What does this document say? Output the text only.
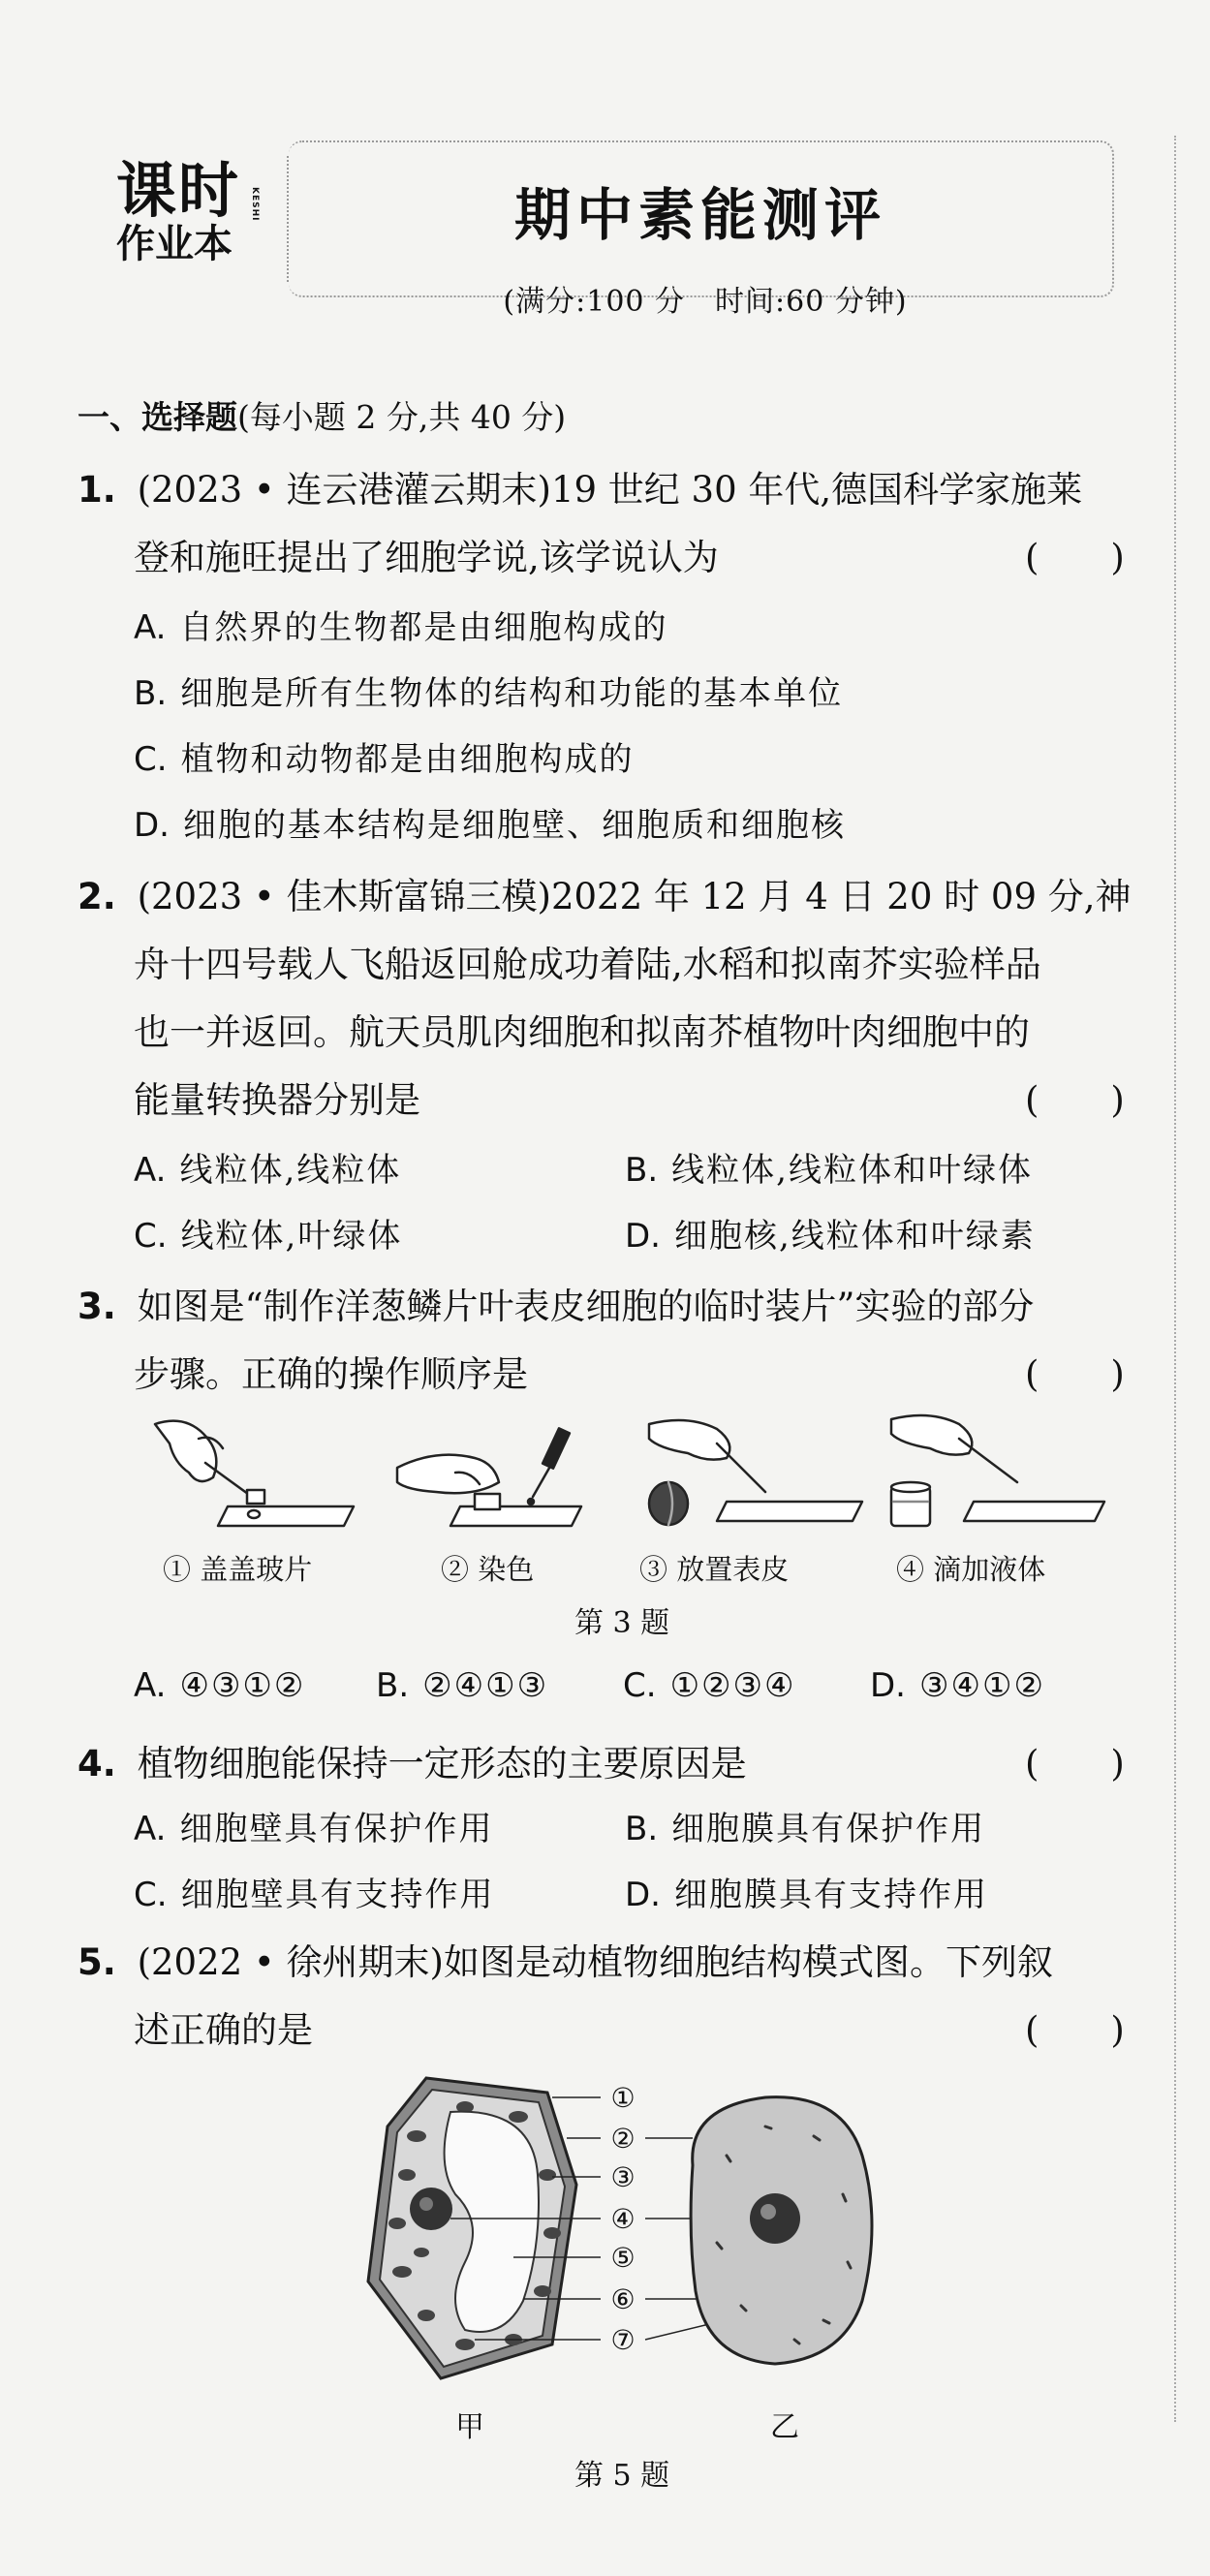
课时
作业本
KESHI	期中素能测评
(满分:100 分　时间:60 分钟)
一、选择题(每小题 2 分,共 40 分)
1. (2023 • 连云港灌云期末)19 世纪 30 年代,德国科学家施莱
登和施旺提出了细胞学说,该学说认为	(　　)
A. 自然界的生物都是由细胞构成的
B. 细胞是所有生物体的结构和功能的基本单位
C. 植物和动物都是由细胞构成的
D. 细胞的基本结构是细胞壁、细胞质和细胞核
2. (2023 • 佳木斯富锦三模)2022 年 12 月 4 日 20 时 09 分,神
舟十四号载人飞船返回舱成功着陆,水稻和拟南芥实验样品
也一并返回。航天员肌肉细胞和拟南芥植物叶肉细胞中的
能量转换器分别是	(　　)
A. 线粒体,线粒体	B. 线粒体,线粒体和叶绿体
C. 线粒体,叶绿体	D. 细胞核,线粒体和叶绿素
3. 如图是“制作洋葱鳞片叶表皮细胞的临时装片”实验的部分
步骤。正确的操作顺序是	(　　)
① 盖盖玻片	② 染色	③ 放置表皮	④ 滴加液体
第 3 题
A. ④③①② B. ②④①③ C. ①②③④ D. ③④①②
4. 植物细胞能保持一定形态的主要原因是	(　　)
A. 细胞壁具有保护作用	B. 细胞膜具有保护作用
C. 细胞壁具有支持作用	D. 细胞膜具有支持作用
5. (2022 • 徐州期末)如图是动植物细胞结构模式图。下列叙
述正确的是	(　　)
①
②
③
④
⑤
⑥
⑦
甲	乙
第 5 题
